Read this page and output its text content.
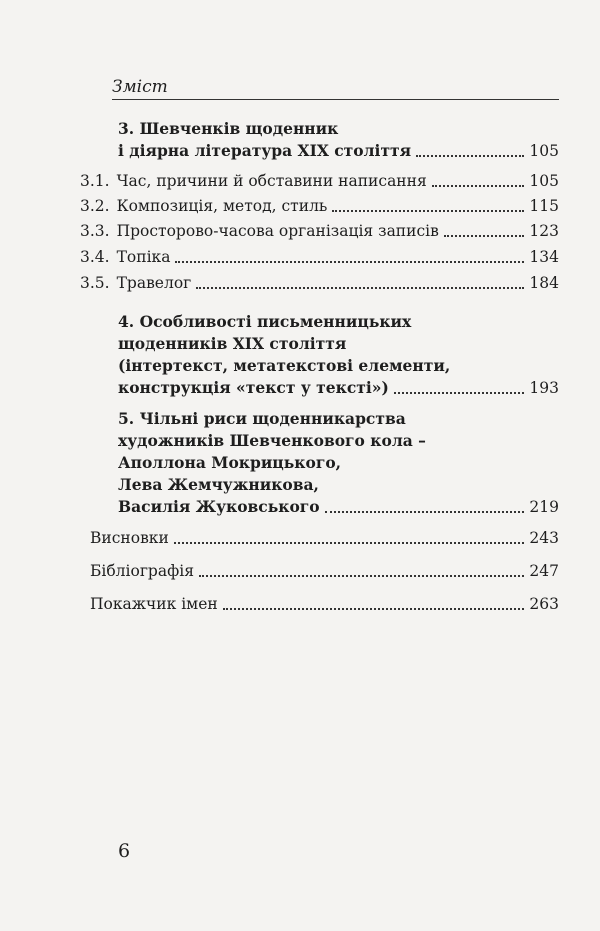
Зміст
3. Шевченків щоденник
і діярна література XIX століття	105
3.1. Час, причини й обставини написання	105
3.2. Композиція, метод, стиль	115
3.3. Просторово-часова організація записів	123
3.4. Топіка	134
3.5. Травелог	184
4. Особливості письменницьких
щоденників XIX століття
(інтертекст, метатекстові елементи,
конструкція «текст у тексті»)	193
5. Чільні риси щоденникарства
художників Шевченкового кола –
Аполлона Мокрицького,
Лева Жемчужникова,
Василія Жуковського	219
Висновки	243
Бібліографія	247
Покажчик імен	263
6
